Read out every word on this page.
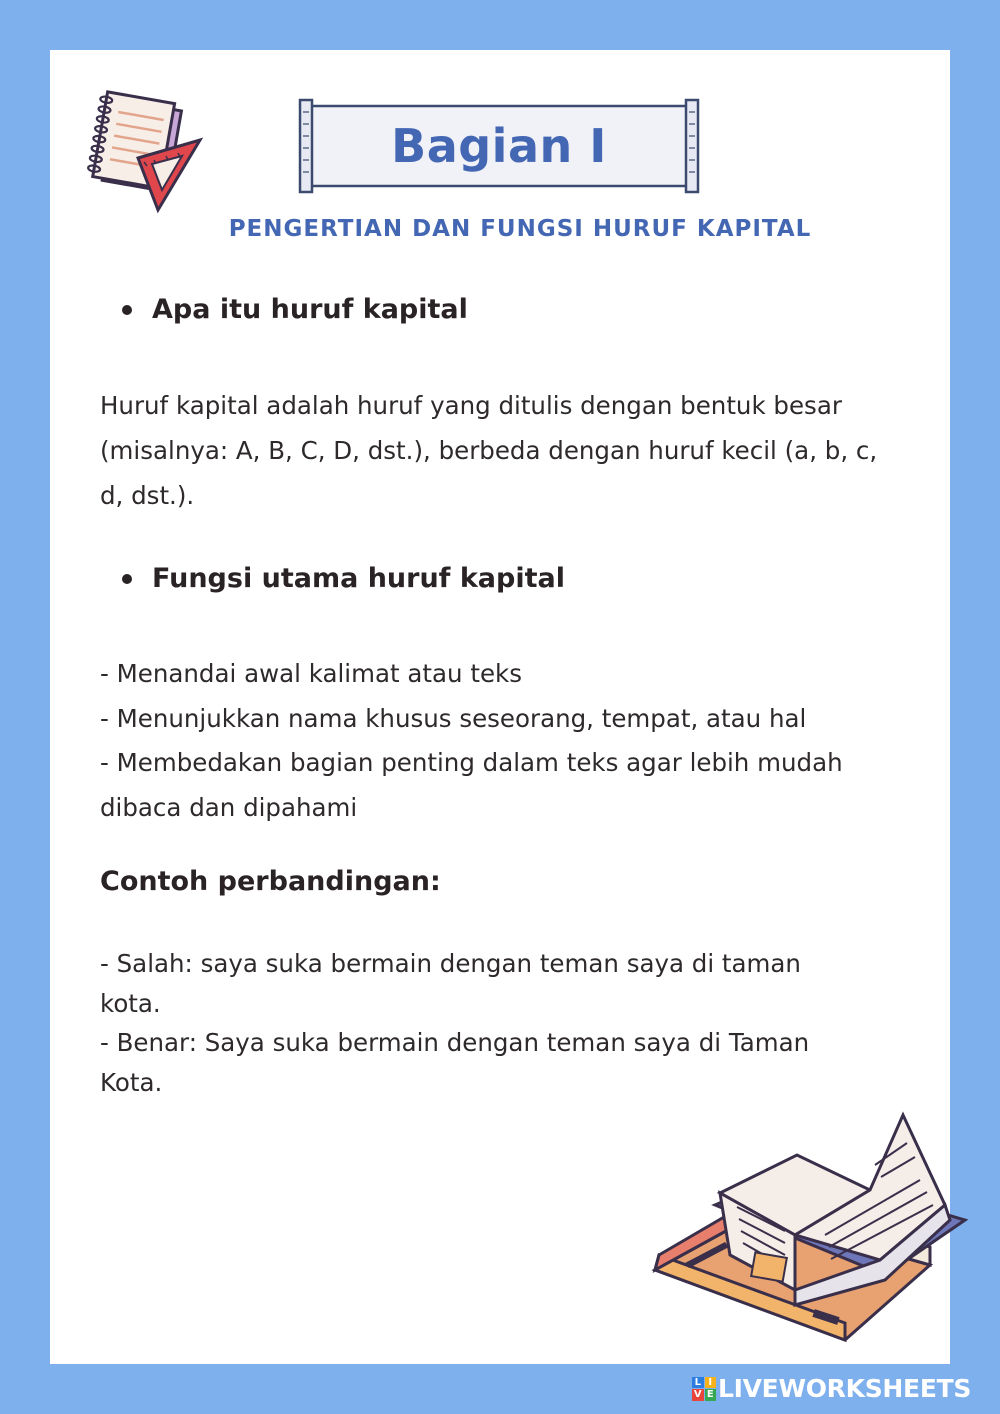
Bagian I
PENGERTIAN DAN FUNGSI HURUF KAPITAL
Apa itu huruf kapital

Huruf kapital adalah huruf yang ditulis dengan bentuk besar

(misalnya: A, B, C, D, dst.), berbeda dengan huruf kecil (a, b, c,

d, dst.).

Fungsi utama huruf kapital

- Menandai awal kalimat atau teks

- Menunjukkan nama khusus seseorang, tempat, atau hal

- Membedakan bagian penting dalam teks agar lebih mudah

dibaca dan dipahami

Contoh perbandingan:

- Salah: saya suka bermain dengan teman saya di taman

kota.

- Benar: Saya suka bermain dengan teman saya di Taman

Kota.

L I
V E LIVEWORKSHEETS
